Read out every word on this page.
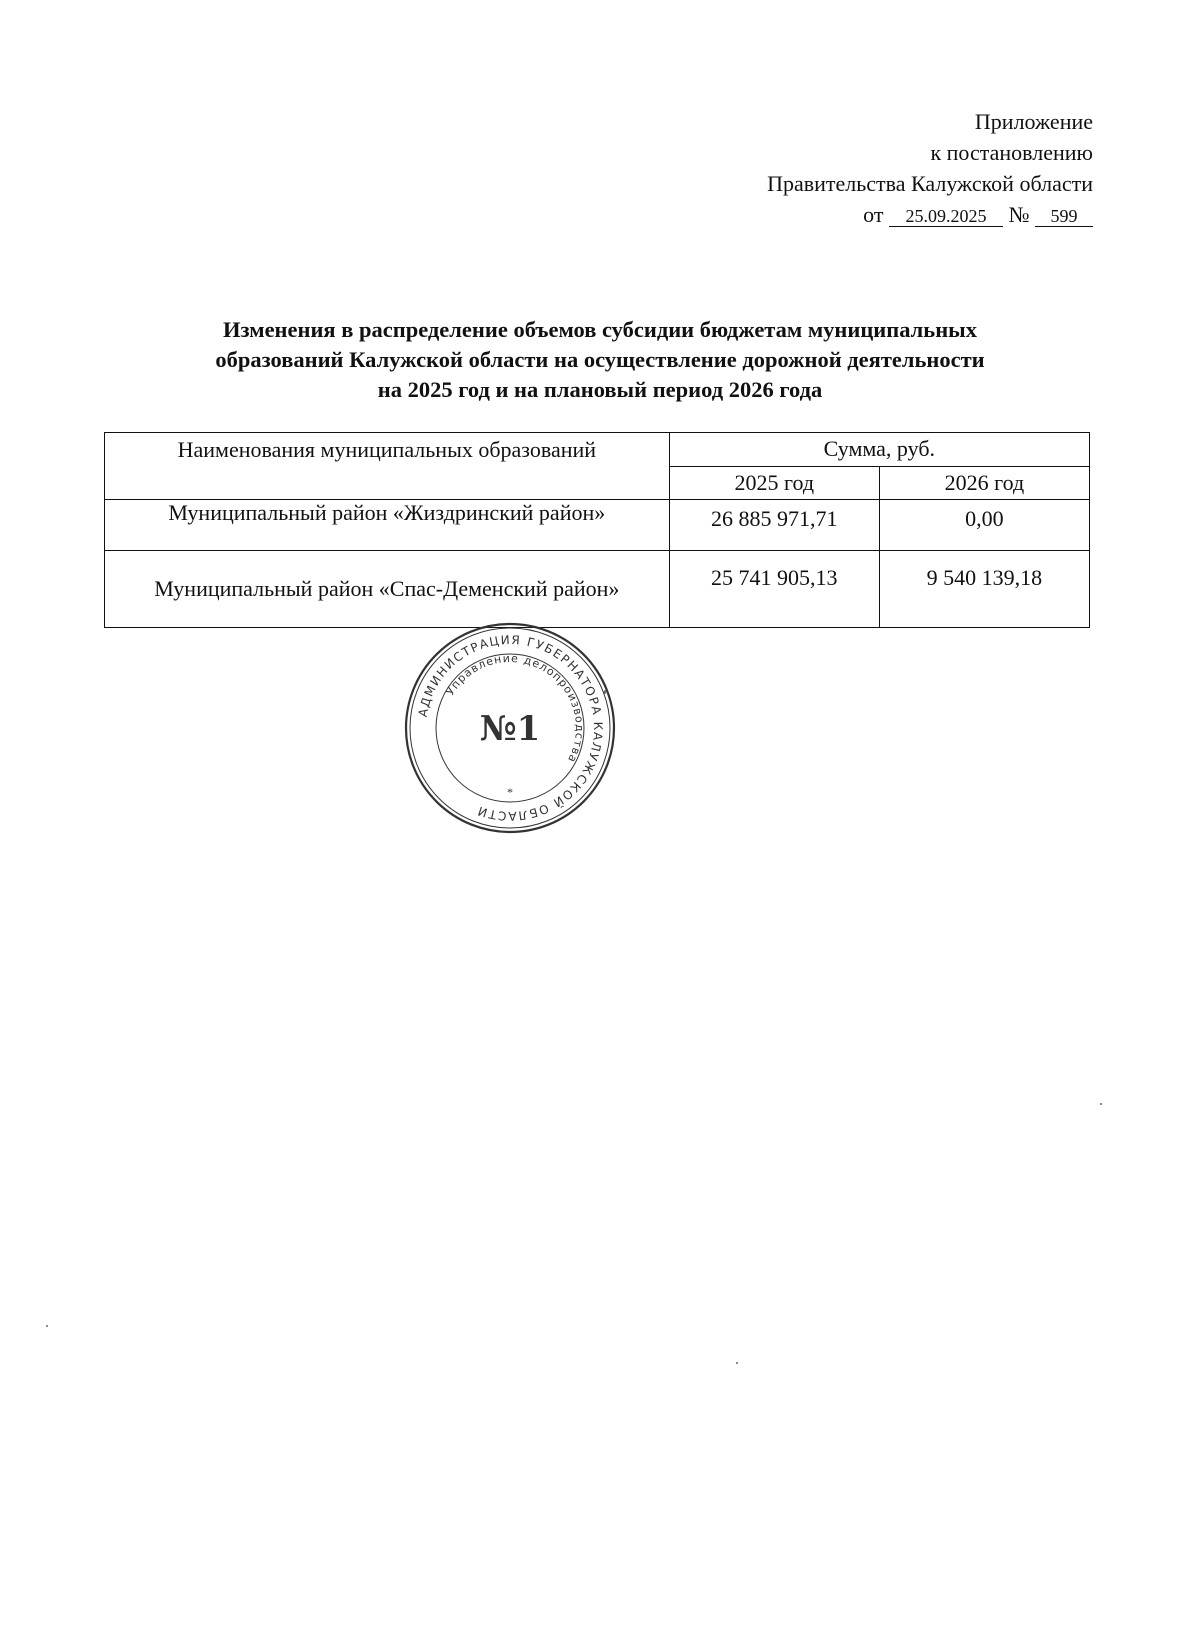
Приложение
к постановлению
Правительства Калужской области
от 25.09.2025 № 599
Изменения в распределение объемов субсидии бюджетам муниципальных
образований Калужской области на осуществление дорожной деятельности
на 2025 год и на плановый период 2026 года
Наименования муниципальных образований	Сумма, руб.	
	2025 год	2026 год
Муниципальный район «Жиздринский район»	26 885 971,71	0,00
Муниципальный район «Спас-Деменский район»	25 741 905,13	9 540 139,18
АДМИНИСТРАЦИЯ ГУБЕРНАТОРА КАЛУЖСКОЙ ОБЛАСТИ
Управление делопроизводства
№1
*
